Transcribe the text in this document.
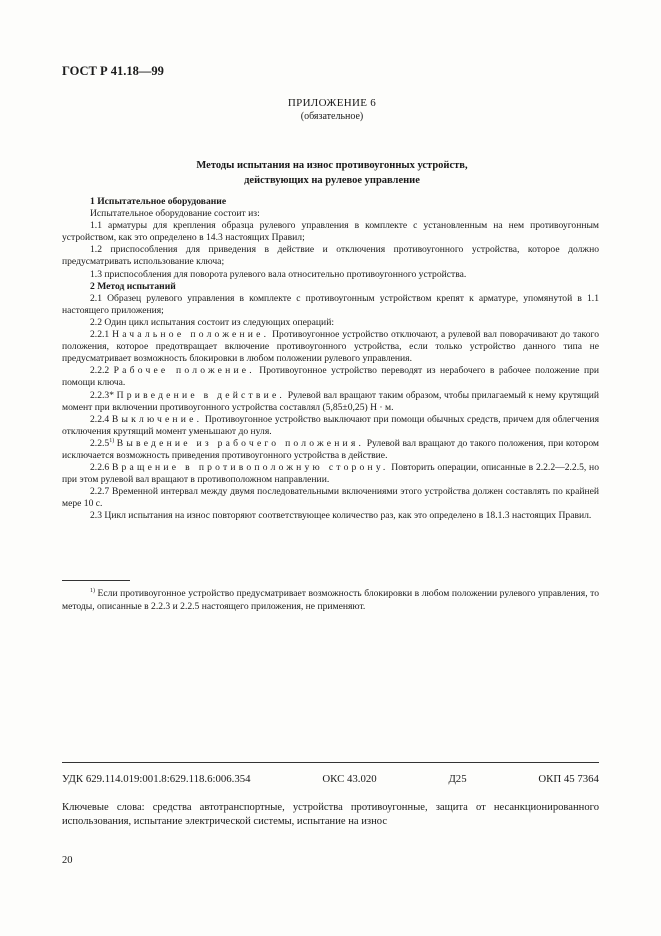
ГОСТ Р 41.18—99
ПРИЛОЖЕНИЕ 6
(обязательное)
Методы испытания на износ противоугонных устройств,
действующих на рулевое управление

1 Испытательное оборудование

Испытательное оборудование состоит из:

1.1 арматуры для крепления образца рулевого управления в комплекте с установленным на нем противоугонным устройством, как это определено в 14.3 настоящих Правил;

1.2 приспособления для приведения в действие и отключения противоугонного устройства, которое должно предусматривать использование ключа;

1.3 приспособления для поворота рулевого вала относительно противоугонного устройства.

2 Метод испытаний

2.1 Образец рулевого управления в комплекте с противоугонным устройством крепят к арматуре, упомянутой в 1.1 настоящего приложения;

2.2 Один цикл испытания состоит из следующих операций:

2.2.1 Начальное положение. Противоугонное устройство отключают, а рулевой вал поворачивают до такого положения, которое предотвращает включение противоугонного устройства, если только устройство данного типа не предусматривает возможность блокировки в любом положении рулевого управления.

2.2.2 Рабочее положение. Противоугонное устройство переводят из нерабочего в рабочее положение при помощи ключа.

2.2.3* Приведение в действие. Рулевой вал вращают таким образом, чтобы прилагаемый к нему крутящий момент при включении противоугонного устройства составлял (5,85±0,25) Н · м.

2.2.4 Выключение. Противоугонное устройство выключают при помощи обычных средств, причем для облегчения отключения крутящий момент уменьшают до нуля.

2.2.5$^{1)}$ Выведение из рабочего положения. Рулевой вал вращают до такого положения, при котором исключается возможность приведения противоугонного устройства в действие.

2.2.6 Вращение в противоположную сторону. Повторить операции, описанные в 2.2.2—2.2.5, но при этом рулевой вал вращают в противоположном направлении.

2.2.7 Временной интервал между двумя последовательными включениями этого устройства должен составлять по крайней мере 10 с.

2.3 Цикл испытания на износ повторяют соответствующее количество раз, как это определено в 18.1.3 настоящих Правил.

$^{1)}$ Если противоугонное устройство предусматривает возможность блокировки в любом положении рулевого управления, то методы, описанные в 2.2.3 и 2.2.5 настоящего приложения, не применяют.

УДК 629.114.019:001.8:629.118.6:006.354	ОКС 43.020	Д25	ОКП 45 7364
Ключевые слова: средства автотранспортные, устройства противоугонные, защита от несанкционированного использования, испытание электрической системы, испытание на износ
20
